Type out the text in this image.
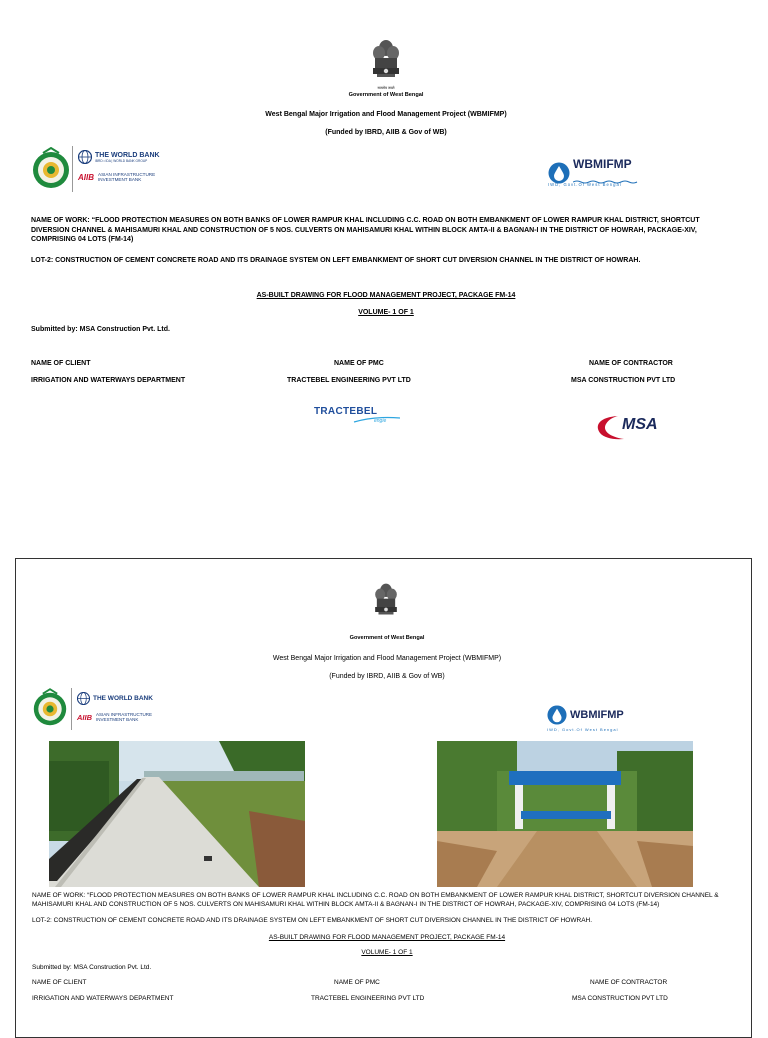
सत्यमेव जयते
Government of West Bengal
West Bengal Major Irrigation and Flood Management Project (WBMIFMP)
(Funded by IBRD, AIIB & Gov of WB)
THE WORLD BANK
IBRD • IDA | WORLD BANK GROUP
AIIB ASIAN INFRASTRUCTURE INVESTMENT BANK
WBMIFMP
IWD, Govt.Of West Bengal
NAME OF WORK: “FLOOD PROTECTION MEASURES ON BOTH BANKS OF LOWER RAMPUR KHAL INCLUDING C.C. ROAD ON BOTH EMBANKMENT OF LOWER RAMPUR KHAL DISTRICT, SHORTCUT DIVERSION CHANNEL & MAHISAMURI KHAL AND CONSTRUCTION OF 5 NOS. CULVERTS ON MAHISAMURI KHAL WITHIN BLOCK AMTA-II & BAGNAN-I IN THE DISTRICT OF HOWRAH, PACKAGE-XIV, COMPRISING 04 LOTS (FM-14)
LOT-2: CONSTRUCTION OF CEMENT CONCRETE ROAD AND ITS DRAINAGE SYSTEM ON LEFT EMBANKMENT OF SHORT CUT DIVERSION CHANNEL IN THE DISTRICT OF HOWRAH.
AS-BUILT DRAWING FOR FLOOD MANAGEMENT PROJECT, PACKAGE FM-14
VOLUME- 1 OF 1
Submitted by: MSA Construction Pvt. Ltd.
NAME OF CLIENT	NAME OF PMC	NAME OF CONTRACTOR
IRRIGATION AND WATERWAYS DEPARTMENT	TRACTEBEL ENGINEERING PVT LTD	MSA CONSTRUCTION PVT LTD
TRACTEBEL
engie	MSA
Government of West Bengal
West Bengal Major Irrigation and Flood Management Project (WBMIFMP)
(Funded by IBRD, AIIB & Gov of WB)
THE WORLD BANK
AIIB ASIAN INFRASTRUCTURE INVESTMENT BANK	WBMIFMP
IWD, Govt.Of West Bengal
NAME OF WORK: “FLOOD PROTECTION MEASURES ON BOTH BANKS OF LOWER RAMPUR KHAL INCLUDING C.C. ROAD ON BOTH EMBANKMENT OF LOWER RAMPUR KHAL DISTRICT, SHORTCUT DIVERSION CHANNEL & MAHISAMURI KHAL AND CONSTRUCTION OF 5 NOS. CULVERTS ON MAHISAMURI KHAL WITHIN BLOCK AMTA-II & BAGNAN-I IN THE DISTRICT OF HOWRAH, PACKAGE-XIV, COMPRISING 04 LOTS (FM-14)
LOT-2: CONSTRUCTION OF CEMENT CONCRETE ROAD AND ITS DRAINAGE SYSTEM ON LEFT EMBANKMENT OF SHORT CUT DIVERSION CHANNEL IN THE DISTRICT OF HOWRAH.
AS-BUILT DRAWING FOR FLOOD MANAGEMENT PROJECT, PACKAGE FM-14
VOLUME- 1 OF 1
Submitted by: MSA Construction Pvt. Ltd.
NAME OF CLIENT	NAME OF PMC	NAME OF CONTRACTOR
IRRIGATION AND WATERWAYS DEPARTMENT	TRACTEBEL ENGINEERING PVT LTD	MSA CONSTRUCTION PVT LTD
